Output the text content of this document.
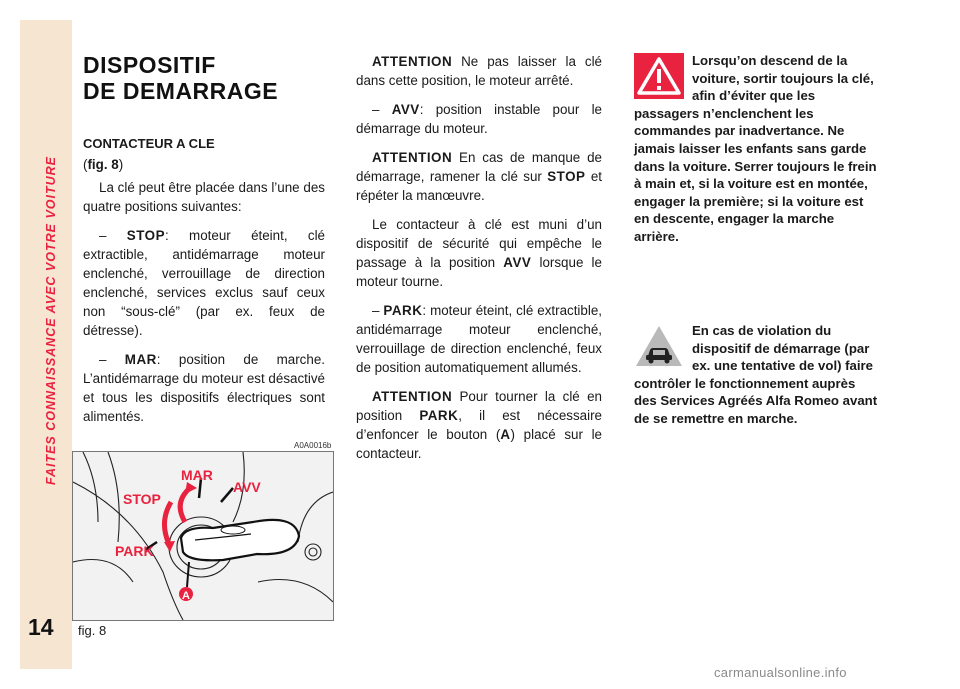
FAITES CONNAISSANCE AVEC VOTRE VOITURE
14
DISPOSITIF
DE DEMARRAGE
CONTACTEUR A CLE
(fig. 8)

La clé peut être placée dans l’une des quatre positions suivantes:

– STOP: moteur éteint, clé extractible, antidémarrage moteur enclenché, verrouillage de direction enclenché, services exclus sauf ceux non “sous-clé” (par ex. feux de détresse).

– MAR: position de marche. L’antidémarrage du moteur est désactivé et tous les dispositifs électriques sont alimentés.

ATTENTION Ne pas laisser la clé dans cette position, le moteur arrêté.

– AVV: position instable pour le démarrage du moteur.

ATTENTION En cas de manque de démarrage, ramener la clé sur STOP et répéter la manœuvre.

Le contacteur à clé est muni d’un dispositif de sécurité qui empêche le passage à la position AVV lorsque le moteur tourne.

– PARK: moteur éteint, clé extractible, antidémarrage moteur enclenché, verrouillage de direction enclenché, feux de position automatiquement allumés.

ATTENTION Pour tourner la clé en position PARK, il est nécessaire d’enfoncer le bouton (A) placé sur le contacteur.

Lorsqu’on descend de la voiture, sortir toujours la clé, afin d’éviter que les passagers n’enclenchent les commandes par inadvertance. Ne jamais laisser les enfants sans garde dans la voiture. Serrer toujours le frein à main et, si la voiture est en montée, engager la première; si la voiture est en descente, engager la marche arrière.
En cas de violation du dispositif de démarrage (par ex. une tentative de vol) faire contrôler le fonctionnement auprès des Services Agréés Alfa Romeo avant de se remettre en marche.
A0A0016b
MAR
AVV
STOP
PARK
A
fig. 8
carmanualsonline.info
